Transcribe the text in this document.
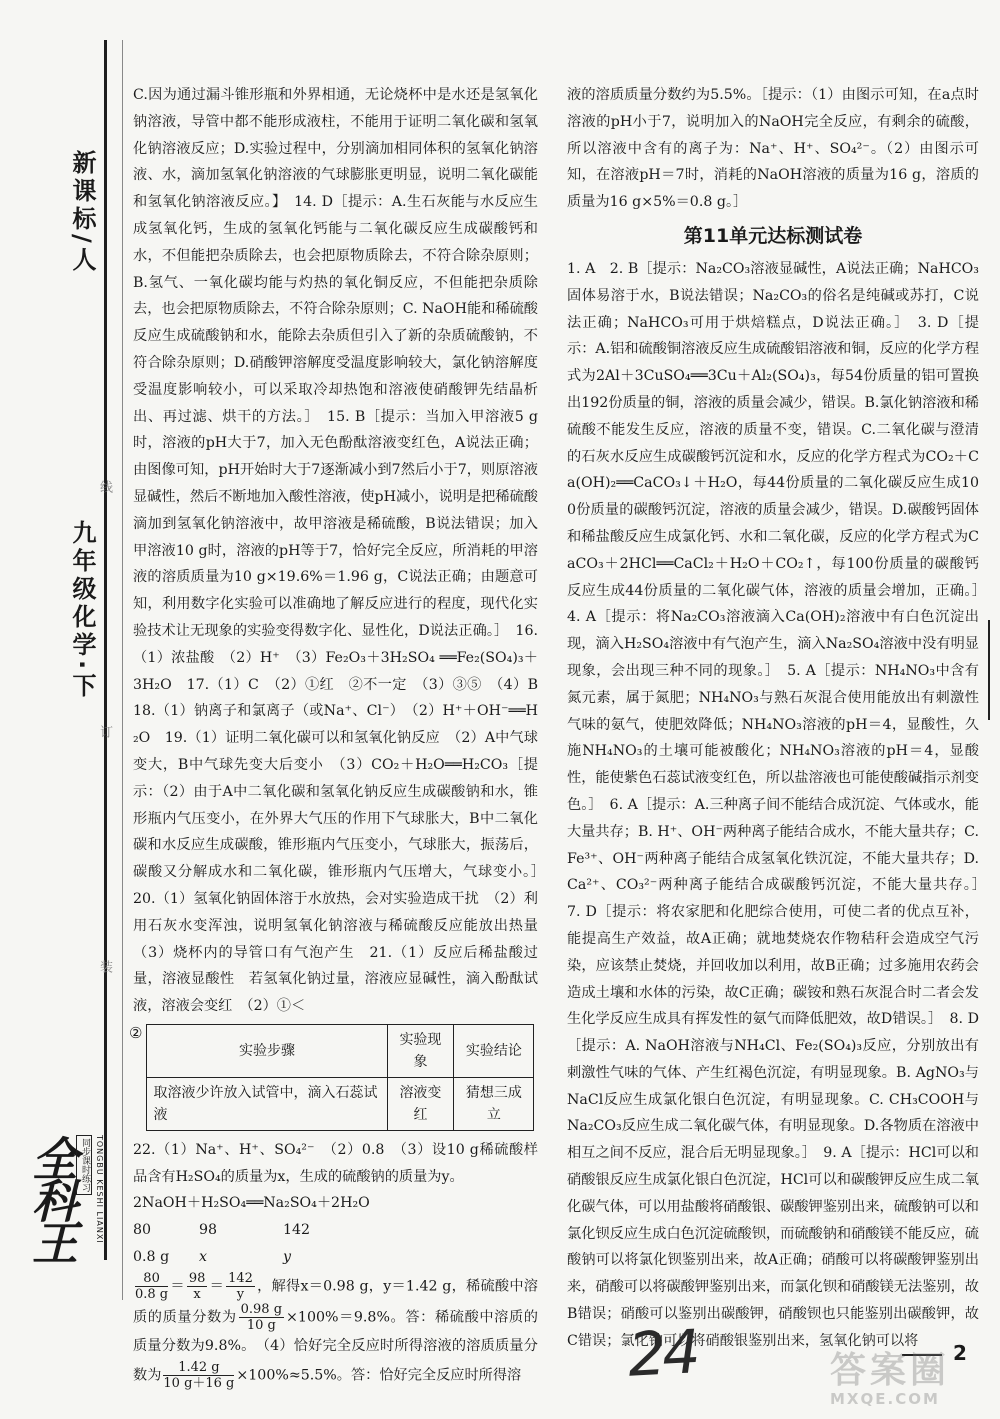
九年级化学·下
新课标/人
线
订
装
全科王 同步课时练习 TONGBU KESHI LIANXI

C.因为通过漏斗锥形瓶和外界相通，无论烧杯中是水还是氢氧化钠溶液，导管中都不能形成液柱，不能用于证明二氧化碳和氢氧化钠溶液反应；D.实验过程中，分别滴加相同体积的氢氧化钠溶液、水，滴加氢氧化钠溶液的气球膨胀更明显，说明二氧化碳能和氢氧化钠溶液反应。】　14. D［提示：A.生石灰能与水反应生成氢氧化钙，生成的氢氧化钙能与二氧化碳反应生成碳酸钙和水，不但能把杂质除去，也会把原物质除去，不符合除杂原则；B.氢气、一氧化碳均能与灼热的氧化铜反应，不但能把杂质除去，也会把原物质除去，不符合除杂原则；C. NaOH能和稀硫酸反应生成硫酸钠和水，能除去杂质但引入了新的杂质硫酸钠，不符合除杂原则；D.硝酸钾溶解度受温度影响较大，氯化钠溶解度受温度影响较小，可以采取冷却热饱和溶液使硝酸钾先结晶析出、再过滤、烘干的方法。］　15. B［提示：当加入甲溶液5 g时，溶液的pH大于7，加入无色酚酞溶液变红色，A说法正确；由图像可知，pH开始时大于7逐渐减小到7然后小于7，则原溶液显碱性，然后不断地加入酸性溶液，使pH减小，说明是把稀硫酸滴加到氢氧化钠溶液中，故甲溶液是稀硫酸，B说法错误；加入甲溶液10 g时，溶液的pH等于7，恰好完全反应，所消耗的甲溶液的溶质质量为10 g×19.6%＝1.96 g，C说法正确；由题意可知，利用数字化实验可以准确地了解反应进行的程度，现代化实验技术让无现象的实验变得数字化、显性化，D说法正确。］　16.（1）浓盐酸　（2）H⁺　（3）Fe₂O₃＋3H₂SO₄ ══Fe₂(SO₄)₃＋3H₂O　17.（1）C　（2）①红　②不一定　（3）③⑤　（4）B　18.（1）钠离子和氯离子（或Na⁺、Cl⁻）　（2）H⁺＋OH⁻══H₂O　19.（1）证明二氧化碳可以和氢氧化钠反应　（2）A中气球变大，B中气球先变大后变小　（3）CO₂＋H₂O══H₂CO₃［提示：（2）由于A中二氧化碳和氢氧化钠反应生成碳酸钠和水，锥形瓶内气压变小，在外界大气压的作用下气球胀大，B中二氧化碳和水反应生成碳酸，锥形瓶内气压变小，气球胀大，振荡后，碳酸又分解成水和二氧化碳，锥形瓶内气压增大，气球变小。］　20.（1）氢氧化钠固体溶于水放热，会对实验造成干扰　（2）利用石灰水变浑浊，说明氢氧化钠溶液与稀硫酸反应能放出热量　（3）烧杯内的导管口有气泡产生　21.（1）反应后稀盐酸过量，溶液显酸性　若氢氧化钠过量，溶液应显碱性，滴入酚酞试液，溶液会变红　（2）①＜

②
实验步骤	实验现象	实验结论
取溶液少许放入试管中，滴入石蕊试液	溶液变红	猜想三成立

22.（1）Na⁺、H⁺、SO₄²⁻　（2）0.8　（3）设10 g稀硫酸样品含有H₂SO₄的质量为x，生成的硫酸钠的质量为y。

2NaOH＋H₂SO₄══Na₂SO₄＋2H₂O

80	98	142
0.8 g	x	y

$\frac{80}{0.8 g} = \frac{98}{x} = \frac{142}{y}$ ，解得x＝0.98 g，y＝1.42 g，稀硫酸中溶质的质量分数为 $\frac{0.98 g}{10 g} \times 100\%=9.8\%$。答：稀硫酸中溶质的质量分数为9.8%。　（4）恰好完全反应时所得溶液的溶质质量分数为 $\frac{1.42 g}{10 g+16 g} \times 100\%\approx 5.5\%$。答：恰好完全反应时所得溶

液的溶质质量分数约为5.5%。［提示：（1）由图示可知，在a点时溶液的pH小于7，说明加入的NaOH完全反应，有剩余的硫酸，所以溶液中含有的离子为：Na⁺、H⁺、SO₄²⁻。（2）由图示可知，在溶液pH＝7时，消耗的NaOH溶液的质量为16 g，溶质的质量为16 g×5%＝0.8 g。］

第11单元达标测试卷

1. A　2. B［提示：Na₂CO₃溶液显碱性，A说法正确；NaHCO₃固体易溶于水，B说法错误；Na₂CO₃的俗名是纯碱或苏打，C说法正确；NaHCO₃可用于烘焙糕点，D说法正确。］　3. D［提示：A.铝和硫酸铜溶液反应生成硫酸铝溶液和铜，反应的化学方程式为2Al＋3CuSO₄══3Cu＋Al₂(SO₄)₃，每54份质量的铝可置换出192份质量的铜，溶液的质量会减少，错误。B.氯化钠溶液和稀硫酸不能发生反应，溶液的质量不变，错误。C.二氧化碳与澄清的石灰水反应生成碳酸钙沉淀和水，反应的化学方程式为CO₂＋Ca(OH)₂══CaCO₃↓＋H₂O，每44份质量的二氧化碳反应生成100份质量的碳酸钙沉淀，溶液的质量会减少，错误。D.碳酸钙固体和稀盐酸反应生成氯化钙、水和二氧化碳，反应的化学方程式为CaCO₃＋2HCl══CaCl₂＋H₂O＋CO₂↑，每100份质量的碳酸钙反应生成44份质量的二氧化碳气体，溶液的质量会增加，正确。］　4. A［提示：将Na₂CO₃溶液滴入Ca(OH)₂溶液中有白色沉淀出现，滴入H₂SO₄溶液中有气泡产生，滴入Na₂SO₄溶液中没有明显现象，会出现三种不同的现象。］　5. A［提示：NH₄NO₃中含有氮元素，属于氮肥；NH₄NO₃与熟石灰混合使用能放出有刺激性气味的氨气，使肥效降低；NH₄NO₃溶液的pH＝4，显酸性，久施NH₄NO₃的土壤可能被酸化；NH₄NO₃溶液的pH＝4，显酸性，能使紫色石蕊试液变红色，所以盐溶液也可能使酸碱指示剂变色。］　6. A［提示：A.三种离子间不能结合成沉淀、气体或水，能大量共存；B. H⁺、OH⁻两种离子能结合成水，不能大量共存；C. Fe³⁺、OH⁻两种离子能结合成氢氧化铁沉淀，不能大量共存；D. Ca²⁺、CO₃²⁻两种离子能结合成碳酸钙沉淀，不能大量共存。］　7. D［提示：将农家肥和化肥综合使用，可使二者的优点互补，能提高生产效益，故A正确；就地焚烧农作物秸秆会造成空气污染，应该禁止焚烧，并回收加以利用，故B正确；过多施用农药会造成土壤和水体的污染，故C正确；碳铵和熟石灰混合时二者会发生化学反应生成具有挥发性的氨气而降低肥效，故D错误。］　8. D［提示：A. NaOH溶液与NH₄Cl、Fe₂(SO₄)₃反应，分别放出有刺激性气味的气体、产生红褐色沉淀，有明显现象。B. AgNO₃与NaCl反应生成氯化银白色沉淀，有明显现象。C. CH₃COOH与Na₂CO₃反应生成二氧化碳气体，有明显现象。D.各物质在溶液中相互之间不反应，混合后无明显现象。］　9. A［提示：HCl可以和硝酸银反应生成氯化银白色沉淀，HCl可以和碳酸钾反应生成二氧化碳气体，可以用盐酸将硝酸银、碳酸钾鉴别出来，硫酸钠可以和氯化钡反应生成白色沉淀硫酸钡，而硫酸钠和硝酸镁不能反应，硫酸钠可以将氯化钡鉴别出来，故A正确；硝酸可以将碳酸钾鉴别出来，硝酸可以将碳酸钾鉴别出来，而氯化钡和硝酸镁无法鉴别，故B错误；硝酸可以鉴别出碳酸钾，硝酸钡也只能鉴别出碳酸钾，故C错误；氯化钠可以将硝酸银鉴别出来，氢氧化钠可以将

24	2
答案圈
MXQE.COM
